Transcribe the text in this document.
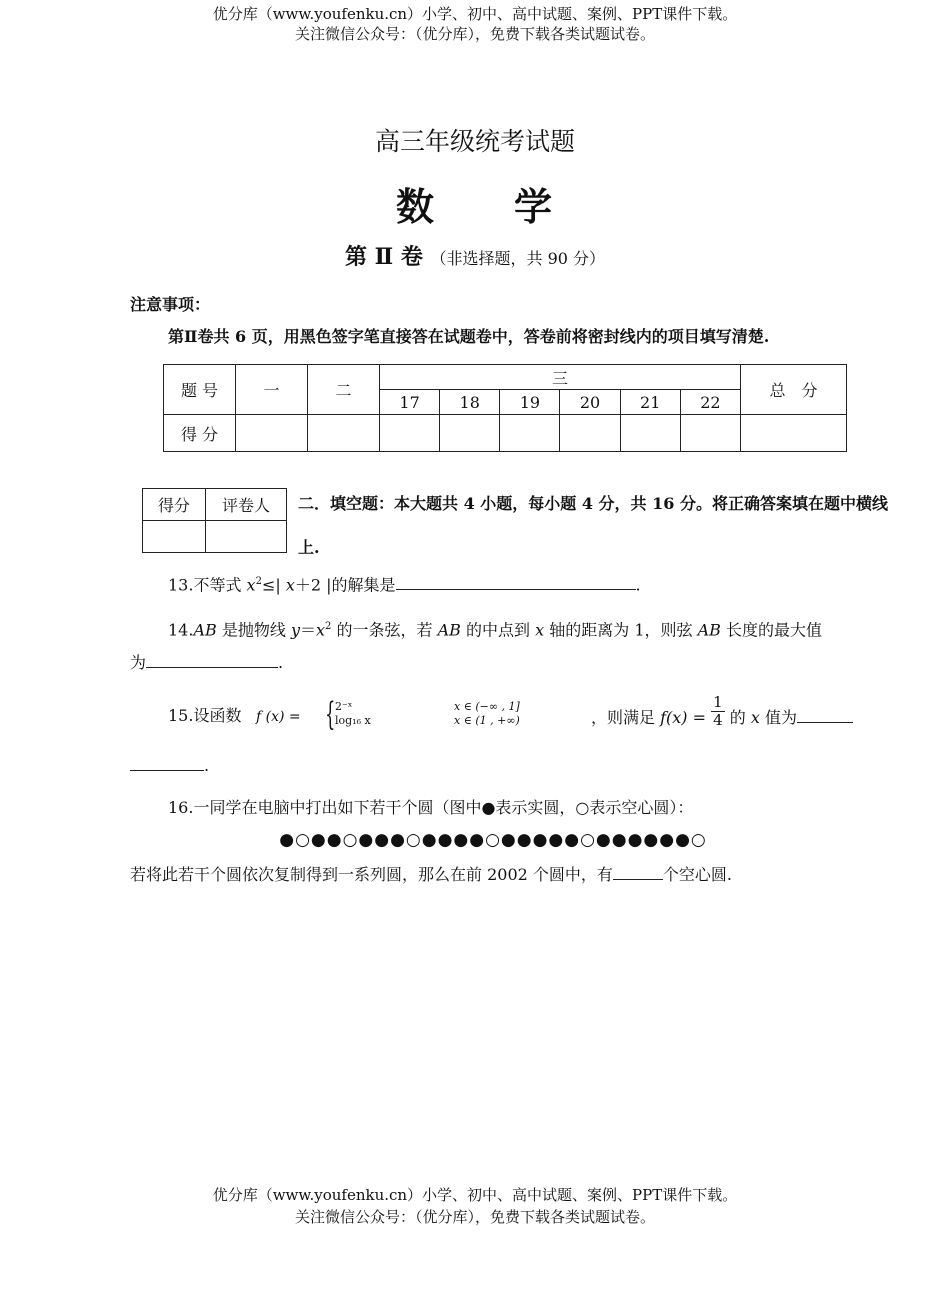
优分库（www.youfenku.cn）小学、初中、高中试题、案例、PPT课件下载。
关注微信公众号：（优分库），免费下载各类试题试卷。
高三年级统考试题
数 学
第 Ⅱ 卷 （非选择题，共 90 分）
注意事项：
第Ⅱ卷共 6 页，用黑色签字笔直接答在试题卷中，答卷前将密封线内的项目填写清楚.
题 号	一	二	三						总　分
			17	18	19	20	21	22	
得 分									
得分	评卷人
	二．填空题：本大题共 4 小题，每小题 4 分，共 16 分。将正确答案填在题中横线上.
13.不等式 $x^2\le|$ x＋2 |的解集是	.
14.AB 是抛物线 $y=x^2$ 的一条弦，若 AB 的中点到 x 轴的距离为 1，则弦 AB 长度的最大值
为	.
15.设函数 f (x) = { 2⁻ˣ
log₁₆ x
x ∈ (−∞ , 1]
x ∈ (1 , +∞)	，则满足 $f(x) = \frac{1}{4}$ 的 x 值为
.
16.一同学在电脑中打出如下若干个圆（图中●表示实圆，○表示空心圆）：
●○●●○●●●○●●●●○●●●●●○●●●●●●○
若将此若干个圆依次复制得到一系列圆，那么在前 2002 个圆中，有	个空心圆.
优分库（www.youfenku.cn）小学、初中、高中试题、案例、PPT课件下载。
关注微信公众号：（优分库），免费下载各类试题试卷。
